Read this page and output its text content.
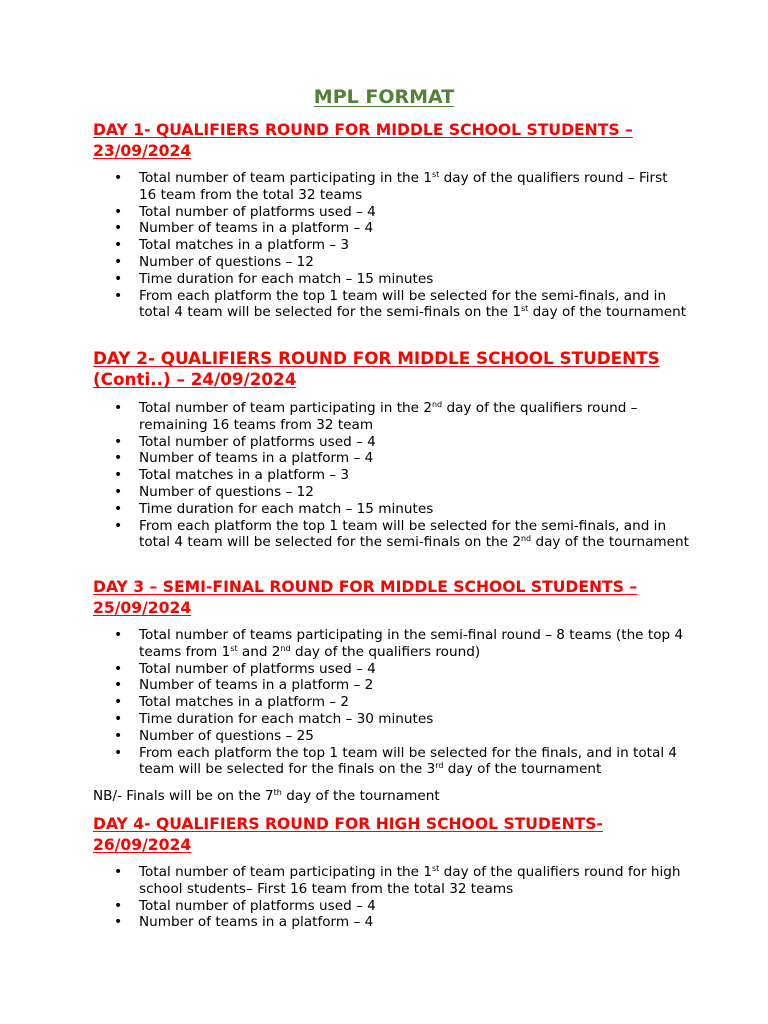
MPL FORMAT
DAY 1- QUALIFIERS ROUND FOR MIDDLE SCHOOL STUDENTS – 23/09/2024
• Total number of team participating in the 1st day of the qualifiers round – First 16 team from the total 32 teams
• Total number of platforms used – 4
• Number of teams in a platform – 4
• Total matches in a platform – 3
• Number of questions – 12
• Time duration for each match – 15 minutes
• From each platform the top 1 team will be selected for the semi-finals, and in total 4 team will be selected for the semi-finals on the 1st day of the tournament
DAY 2- QUALIFIERS ROUND FOR MIDDLE SCHOOL STUDENTS (Conti..) – 24/09/2024
• Total number of team participating in the 2nd day of the qualifiers round – remaining 16 teams from 32 team
• Total number of platforms used – 4
• Number of teams in a platform – 4
• Total matches in a platform – 3
• Number of questions – 12
• Time duration for each match – 15 minutes
• From each platform the top 1 team will be selected for the semi-finals, and in total 4 team will be selected for the semi-finals on the 2nd day of the tournament
DAY 3 – SEMI-FINAL ROUND FOR MIDDLE SCHOOL STUDENTS – 25/09/2024
• Total number of teams participating in the semi-final round – 8 teams (the top 4 teams from 1st and 2nd day of the qualifiers round)
• Total number of platforms used – 4
• Number of teams in a platform – 2
• Total matches in a platform – 2
• Time duration for each match – 30 minutes
• Number of questions – 25
• From each platform the top 1 team will be selected for the finals, and in total 4 team will be selected for the finals on the 3rd day of the tournament
NB/- Finals will be on the 7th day of the tournament
DAY 4- QUALIFIERS ROUND FOR HIGH SCHOOL STUDENTS- 26/09/2024
• Total number of team participating in the 1st day of the qualifiers round for high school students– First 16 team from the total 32 teams
• Total number of platforms used – 4
• Number of teams in a platform – 4
